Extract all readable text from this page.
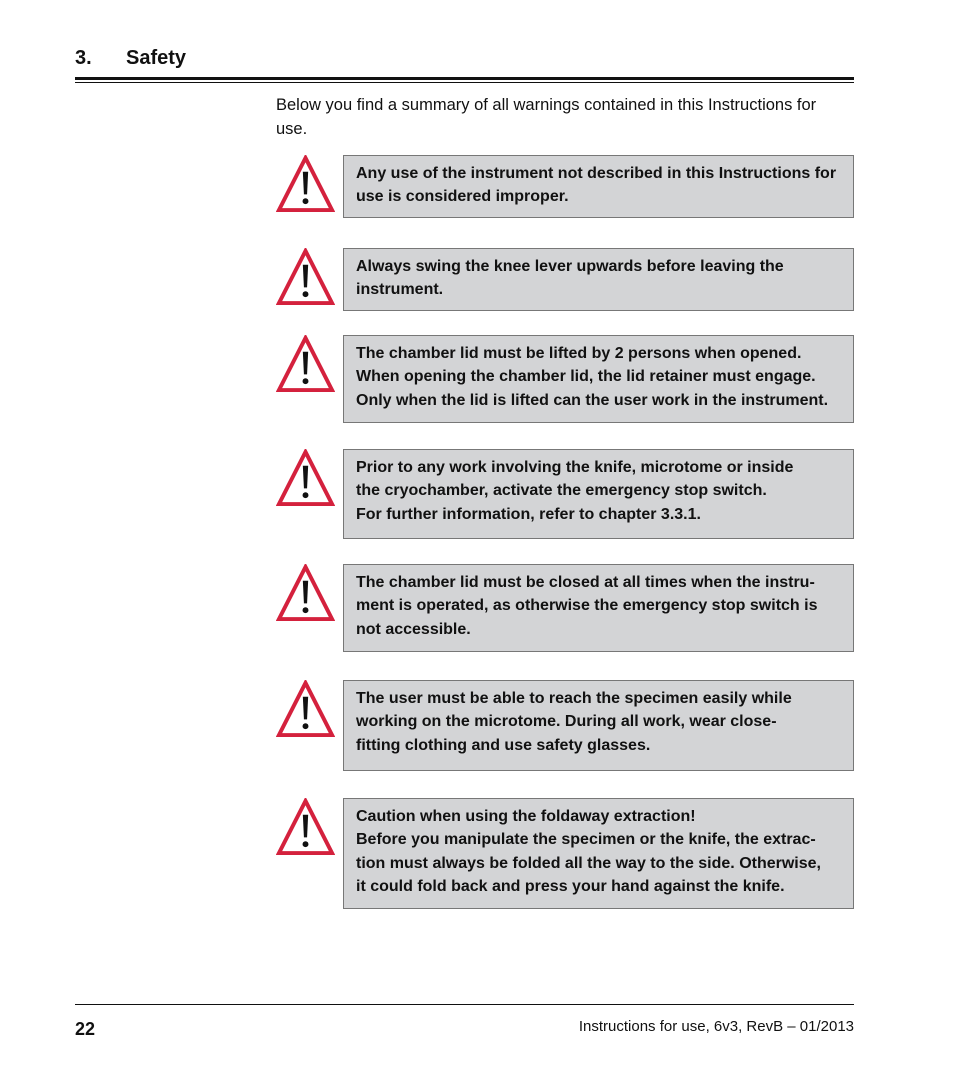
3. Safety
Below you find a summary of all warnings contained in this Instructions for use.
Any use of the instrument not described in this Instructions for
use is considered improper.
Always swing the knee lever upwards before leaving the
instrument.
The chamber lid must be lifted by 2 persons when opened.
When opening the chamber lid, the lid retainer must engage.
Only when the lid is lifted can the user work in the instrument.
Prior to any work involving the knife, microtome or inside
the cryochamber, activate the emergency stop switch.
For further information, refer to chapter 3.3.1.
The chamber lid must be closed at all times when the instru-
ment is operated, as otherwise the emergency stop switch is
not accessible.
The user must be able to reach the specimen easily while
working on the microtome. During all work, wear close-
fitting clothing and use safety glasses.
Caution when using the foldaway extraction!
Before you manipulate the specimen or the knife, the extrac-
tion must always be folded all the way to the side. Otherwise,
it could fold back and press your hand against the knife.
22	Instructions for use, 6v3, RevB – 01/2013
